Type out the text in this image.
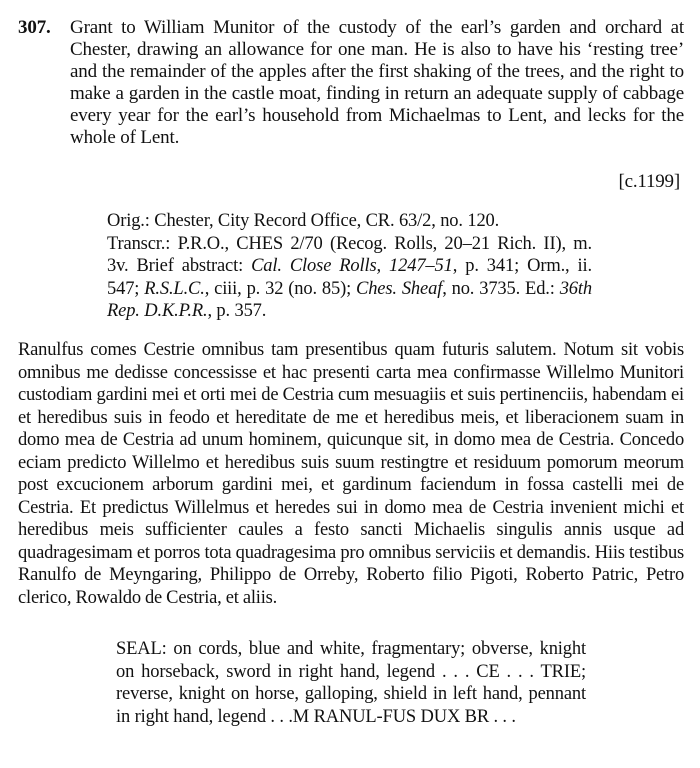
307.	Grant to William Munitor of the custody of the earl’s garden and orchard at Chester, drawing an allowance for one man. He is also to have his ‘resting tree’ and the remainder of the apples after the first shaking of the trees, and the right to make a garden in the castle moat, finding in return an adequate supply of cabbage every year for the earl’s household from Michaelmas to Lent, and lecks for the whole of Lent.
[c.1199]
Orig.: Chester, City Record Office, CR. 63/2, no. 120.
Transcr.: P.R.O., CHES 2/70 (Recog. Rolls, 20–21 Rich. II), m. 3v. Brief abstract: Cal. Close Rolls, 1247–51, p. 341; Orm., ii. 547; R.S.L.C., ciii, p. 32 (no. 85); Ches. Sheaf, no. 3735. Ed.: 36th Rep. D.K.P.R., p. 357.
Ranulfus comes Cestrie omnibus tam presentibus quam futuris salutem. Notum sit vobis omnibus me dedisse concessisse et hac presenti carta mea confirmasse Willelmo Munitori custodiam gardini mei et orti mei de Cestria cum mesuagiis et suis pertinenciis, habendam ei et heredibus suis in feodo et hereditate de me et heredibus meis, et liberacionem suam in domo mea de Cestria ad unum hominem, quicunque sit, in domo mea de Cestria. Concedo eciam predicto Willelmo et heredibus suis suum restingtre et residuum pomorum meorum post excucionem arborum gardini mei, et gardinum faciendum in fossa castelli mei de Cestria. Et predictus Willelmus et heredes sui in domo mea de Cestria invenient michi et heredibus meis sufficienter caules a festo sancti Michaelis singulis annis usque ad quadragesimam et porros tota quadragesima pro omnibus serviciis et demandis. Hiis testibus Ranulfo de Meyngaring, Philippo de Orreby, Roberto filio Pigoti, Roberto Patric, Petro clerico, Rowaldo de Cestria, et aliis.
SEAL: on cords, blue and white, fragmentary; obverse, knight on horseback, sword in right hand, legend . . . CE . . . TRIE; reverse, knight on horse, galloping, shield in left hand, pennant in right hand, legend . . .M RANUL-FUS DUX BR . . .
